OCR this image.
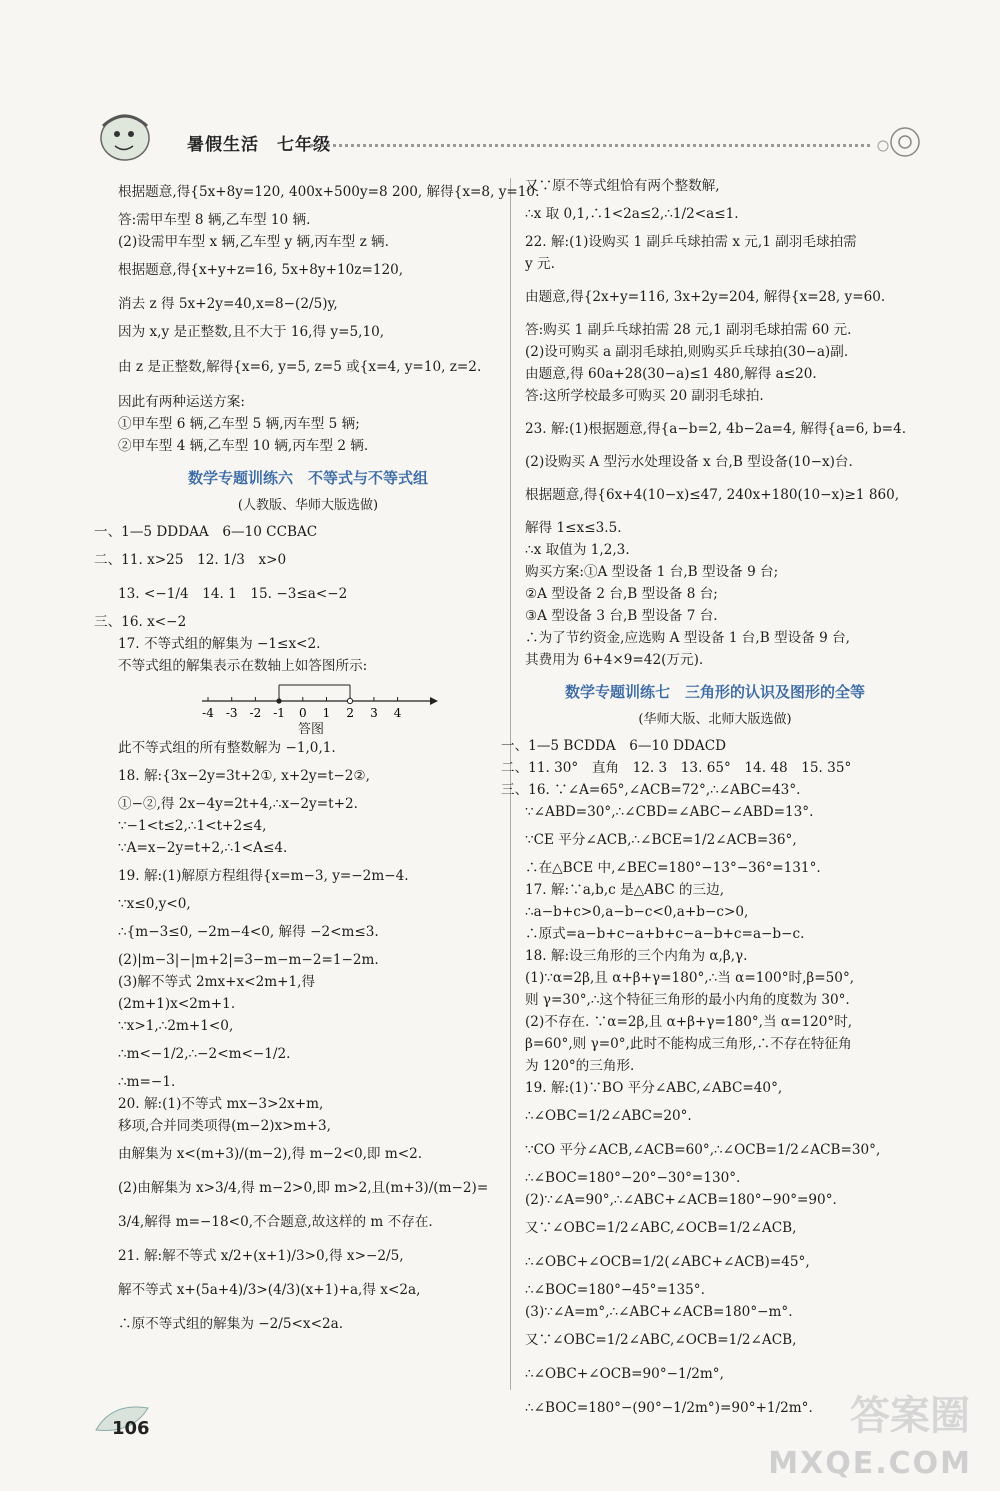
暑假生活　七年级

根据题意,得{5x+8y=120, 400x+500y=8 200, 解得{x=8, y=10.

答:需甲车型 8 辆,乙车型 10 辆.

(2)设需甲车型 x 辆,乙车型 y 辆,丙车型 z 辆.

根据题意,得{x+y+z=16, 5x+8y+10z=120,

消去 z 得 5x+2y=40,x=8−(2/5)y,

因为 x,y 是正整数,且不大于 16,得 y=5,10,

由 z 是正整数,解得{x=6, y=5, z=5 或{x=4, y=10, z=2.

因此有两种运送方案:

①甲车型 6 辆,乙车型 5 辆,丙车型 5 辆;

②甲车型 4 辆,乙车型 10 辆,丙车型 2 辆.

数学专题训练六　不等式与不等式组
(人教版、华师大版选做)

一、1—5 DDDAA　6—10 CCBAC

二、11. x>25　12. 1/3　x>0

13. <−1/4　14. 1　15. −3≤a<−2

三、16. x<−2

17. 不等式组的解集为 −1≤x<2.

不等式组的解集表示在数轴上如答图所示:

-4 -3 -2 -1 0 1 2 3 4
答图

此不等式组的所有整数解为 −1,0,1.

18. 解:{3x−2y=3t+2①, x+2y=t−2②,

①−②,得 2x−4y=2t+4,∴x−2y=t+2.

∵−1<t≤2,∴1<t+2≤4,

∵A=x−2y=t+2,∴1<A≤4.

19. 解:(1)解原方程组得{x=m−3, y=−2m−4.

∵x≤0,y<0,

∴{m−3≤0, −2m−4<0, 解得 −2<m≤3.

(2)|m−3|−|m+2|=3−m−m−2=1−2m.

(3)解不等式 2mx+x<2m+1,得

(2m+1)x<2m+1.

∵x>1,∴2m+1<0,

∴m<−1/2,∴−2<m<−1/2.

∴m=−1.

20. 解:(1)不等式 mx−3>2x+m,

移项,合并同类项得(m−2)x>m+3,

由解集为 x<(m+3)/(m−2),得 m−2<0,即 m<2.

(2)由解集为 x>3/4,得 m−2>0,即 m>2,且(m+3)/(m−2)=

3/4,解得 m=−18<0,不合题意,故这样的 m 不存在.

21. 解:解不等式 x/2+(x+1)/3>0,得 x>−2/5,

解不等式 x+(5a+4)/3>(4/3)(x+1)+a,得 x<2a,

∴原不等式组的解集为 −2/5<x<2a.

又∵原不等式组恰有两个整数解,

∴x 取 0,1,∴1<2a≤2,∴1/2<a≤1.

22. 解:(1)设购买 1 副乒乓球拍需 x 元,1 副羽毛球拍需

y 元.

由题意,得{2x+y=116, 3x+2y=204, 解得{x=28, y=60.

答:购买 1 副乒乓球拍需 28 元,1 副羽毛球拍需 60 元.

(2)设可购买 a 副羽毛球拍,则购买乒乓球拍(30−a)副.

由题意,得 60a+28(30−a)≤1 480,解得 a≤20.

答:这所学校最多可购买 20 副羽毛球拍.

23. 解:(1)根据题意,得{a−b=2, 4b−2a=4, 解得{a=6, b=4.

(2)设购买 A 型污水处理设备 x 台,B 型设备(10−x)台.

根据题意,得{6x+4(10−x)≤47, 240x+180(10−x)≥1 860,

解得 1≤x≤3.5.

∴x 取值为 1,2,3.

购买方案:①A 型设备 1 台,B 型设备 9 台;

②A 型设备 2 台,B 型设备 8 台;

③A 型设备 3 台,B 型设备 7 台.

∴为了节约资金,应选购 A 型设备 1 台,B 型设备 9 台,

其费用为 6+4×9=42(万元).

数学专题训练七　三角形的认识及图形的全等
(华师大版、北师大版选做)

一、1—5 BCDDA　6—10 DDACD

二、11. 30°　直角　12. 3　13. 65°　14. 48　15. 35°

三、16. ∵∠A=65°,∠ACB=72°,∴∠ABC=43°.

∵∠ABD=30°,∴∠CBD=∠ABC−∠ABD=13°.

∵CE 平分∠ACB,∴∠BCE=1/2∠ACB=36°,

∴在△BCE 中,∠BEC=180°−13°−36°=131°.

17. 解:∵a,b,c 是△ABC 的三边,

∴a−b+c>0,a−b−c<0,a+b−c>0,

∴原式=a−b+c−a+b+c−a−b+c=a−b−c.

18. 解:设三角形的三个内角为 α,β,γ.

(1)∵α=2β,且 α+β+γ=180°,∴当 α=100°时,β=50°,

则 γ=30°,∴这个特征三角形的最小内角的度数为 30°.

(2)不存在. ∵α=2β,且 α+β+γ=180°,当 α=120°时,

β=60°,则 γ=0°,此时不能构成三角形,∴不存在特征角

为 120°的三角形.

19. 解:(1)∵BO 平分∠ABC,∠ABC=40°,

∴∠OBC=1/2∠ABC=20°.

∵CO 平分∠ACB,∠ACB=60°,∴∠OCB=1/2∠ACB=30°,

∴∠BOC=180°−20°−30°=130°.

(2)∵∠A=90°,∴∠ABC+∠ACB=180°−90°=90°.

又∵∠OBC=1/2∠ABC,∠OCB=1/2∠ACB,

∴∠OBC+∠OCB=1/2(∠ABC+∠ACB)=45°,

∴∠BOC=180°−45°=135°.

(3)∵∠A=m°,∴∠ABC+∠ACB=180°−m°.

又∵∠OBC=1/2∠ABC,∠OCB=1/2∠ACB,

∴∠OBC+∠OCB=90°−1/2m°,

∴∠BOC=180°−(90°−1/2m°)=90°+1/2m°.

106	答案圈
MXQE.COM
